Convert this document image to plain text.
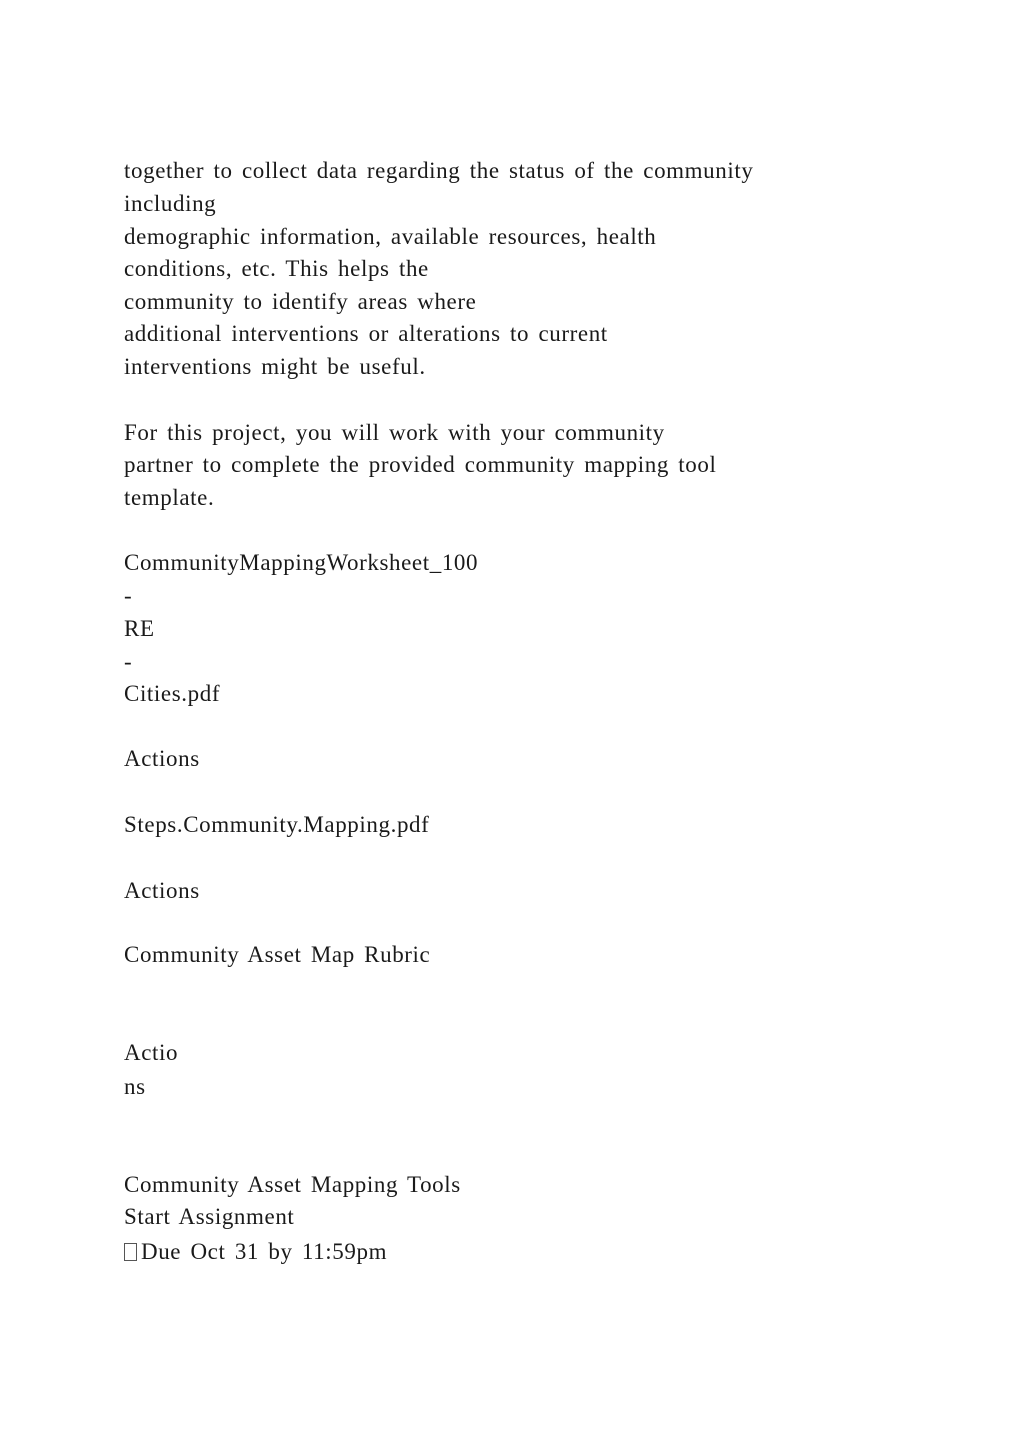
together to collect data regarding the status of the community
including
demographic information, available resources, health
conditions, etc. This helps the
community to identify areas where
additional interventions or alterations to current
interventions might be useful.
For this project, you will work with your community
partner to complete the provided community mapping tool
template.
CommunityMappingWorksheet_100
-
RE
-
Cities.pdf
Actions
Steps.Community.Mapping.pdf
Actions
Community Asset Map Rubric
Actio
ns
Community Asset Mapping Tools
Start Assignment
Due Oct 31 by 11:59pm
